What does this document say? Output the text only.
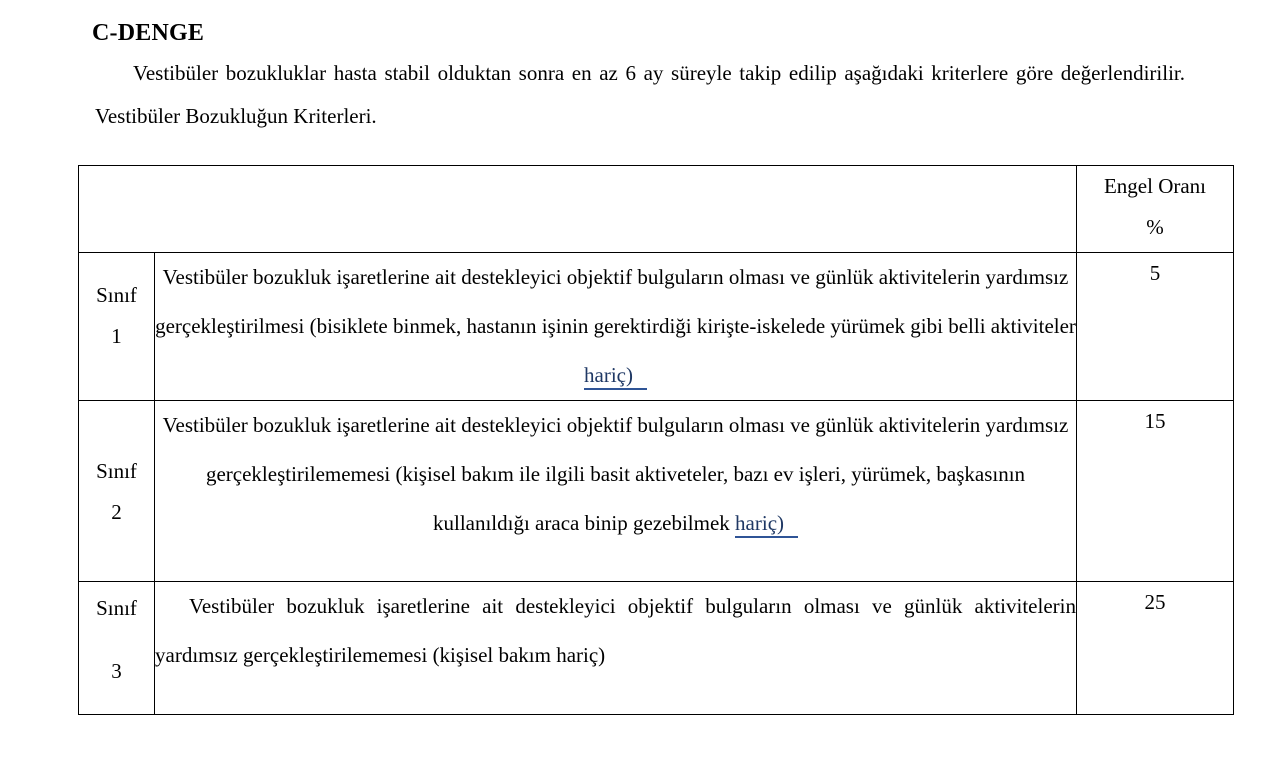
C-DENGE
Vestibüler bozukluklar hasta stabil olduktan sonra en az 6 ay süreyle takip edilip aşağıdaki kriterlere göre değerlendirilir. Vestibüler Bozukluğun Kriterleri.
		Engel Oranı
%

Sınıf
1	Vestibüler bozukluk işaretlerine ait destekleyici objektif bulguların olması ve günlük aktivitelerin yardımsız gerçekleştirilmesi (bisiklete binmek, hastanın işinin gerektirdiği kirişte-iskelede yürümek gibi belli aktiviteler hariç)	5

Sınıf
2	Vestibüler bozukluk işaretlerine ait destekleyici objektif bulguların olması ve günlük aktivitelerin yardımsız gerçekleştirilememesi (kişisel bakım ile ilgili basit aktiveteler, bazı ev işleri, yürümek, başkasının kullanıldığı araca binip gezebilmek hariç)	15

Sınıf
3	Vestibüler bozukluk işaretlerine ait destekleyici objektif bulguların olması ve günlük aktivitelerin yardımsız gerçekleştirilememesi (kişisel bakım hariç)	25
